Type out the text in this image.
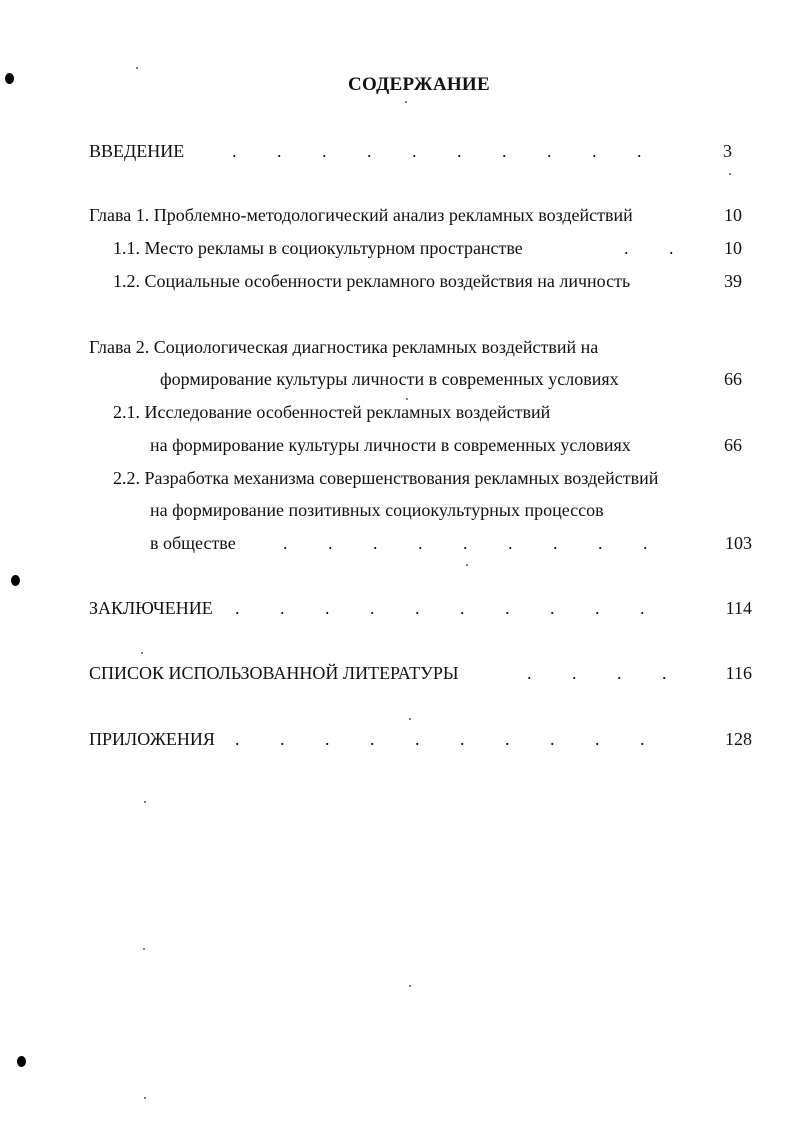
СОДЕРЖАНИЕ
ВВЕДЕНИЕ	.         .         .         .         .         .         .         .         .         .	3
Глава 1. Проблемно-методологический анализ рекламных воздействий	10
1.1. Место рекламы в социокультурном пространстве	.         .	10
1.2. Социальные особенности рекламного воздействия на личность	39
Глава 2. Социологическая диагностика рекламных воздействий на
формирование культуры личности в современных условиях	66
2.1. Исследование особенностей рекламных воздействий
на формирование культуры личности в современных условиях	66
2.2. Разработка механизма совершенствования рекламных воздействий
на формирование позитивных социокультурных процессов
в обществе	.         .         .         .         .         .         .         .         .	103
ЗАКЛЮЧЕНИЕ .         .         .         .         .         .         .         .         .         .	114
СПИСОК ИСПОЛЬЗОВАННОЙ ЛИТЕРАТУРЫ	.         .         .         .	116
ПРИЛОЖЕНИЯ .         .         .         .         .         .         .         .         .         .	128
